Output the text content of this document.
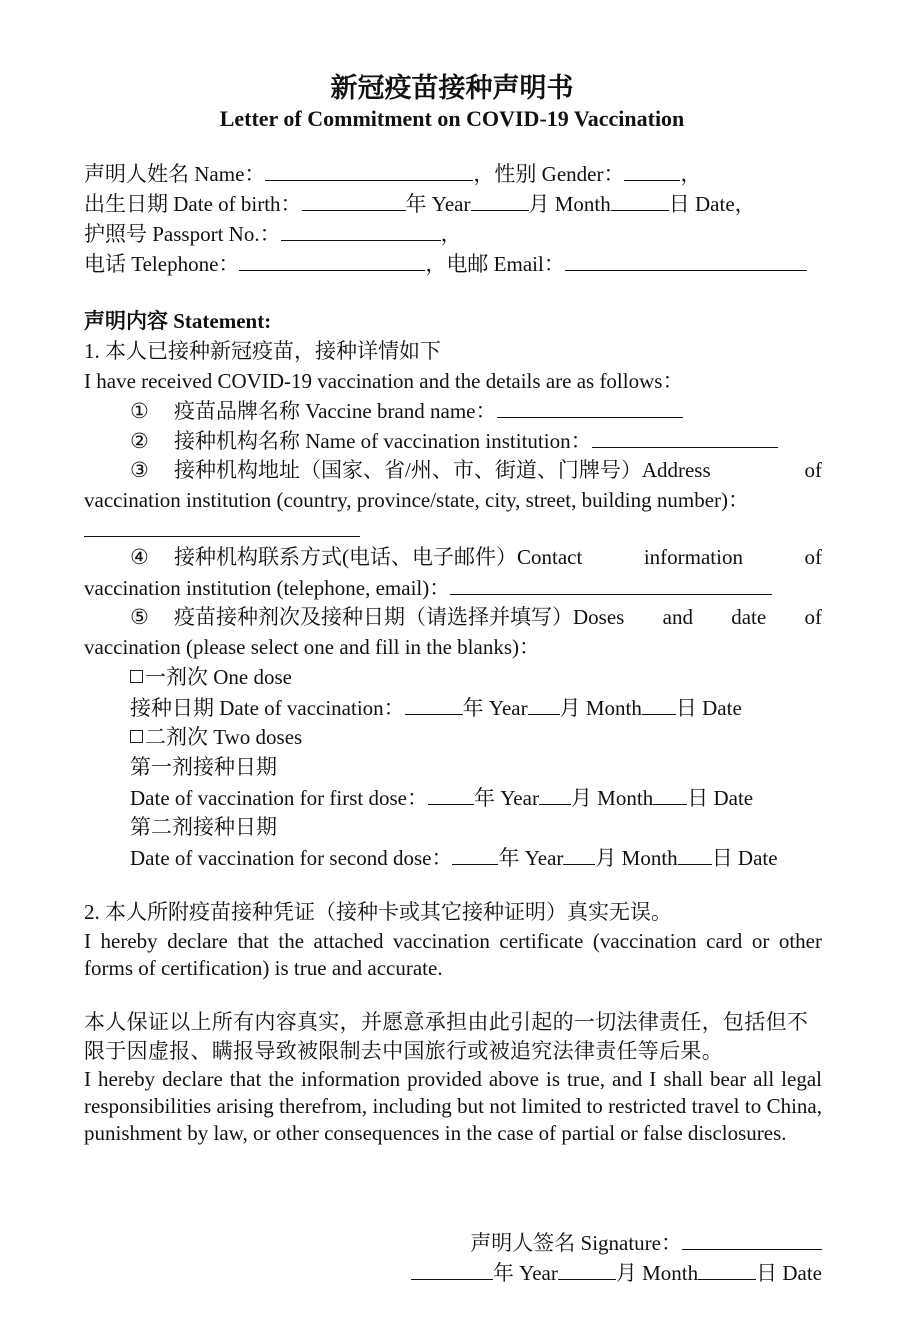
新冠疫苗接种声明书
Letter of Commitment on COVID-19 Vaccination
声明人姓名 Name：	，性别 Gender：	，
出生日期 Date of birth：	年 Year	月 Month	日 Date，
护照号 Passport No.：	，
电话 Telephone：	，电邮 Email：
声明内容 Statement:
1. 本人已接种新冠疫苗，接种详情如下
I have received COVID-19 vaccination and the details are as follows：
① 疫苗品牌名称 Vaccine brand name：
② 接种机构名称 Name of vaccination institution：
③ 接种机构地址（国家、省/州、市、街道、门牌号）Address	of
vaccination institution (country, province/state, city, street, building number)：
④ 接种机构联系方式(电话、电子邮件）Contact	information	of
vaccination institution (telephone, email)：
⑤ 疫苗接种剂次及接种日期（请选择并填写）Doses and date of
vaccination (please select one and fill in the blanks)：
一剂次 One dose
接种日期 Date of vaccination：	年 Year 月 Month 日 Date
二剂次 Two doses
第一剂接种日期
Date of vaccination for first dose： 年 Year 月 Month 日 Date
第二剂接种日期
Date of vaccination for second dose： 年 Year 月 Month 日 Date
2. 本人所附疫苗接种凭证（接种卡或其它接种证明）真实无误。
I hereby declare that the attached vaccination certificate (vaccination card or other forms of certification) is true and accurate.
本人保证以上所有内容真实，并愿意承担由此引起的一切法律责任，包括但不限于因虚报、瞒报导致被限制去中国旅行或被追究法律责任等后果。
I hereby declare that the information provided above is true, and I shall bear all legal responsibilities arising therefrom, including but not limited to restricted travel to China, punishment by law, or other consequences in the case of partial or false disclosures.
声明人签名 Signature：
年 Year	月 Month	日 Date
